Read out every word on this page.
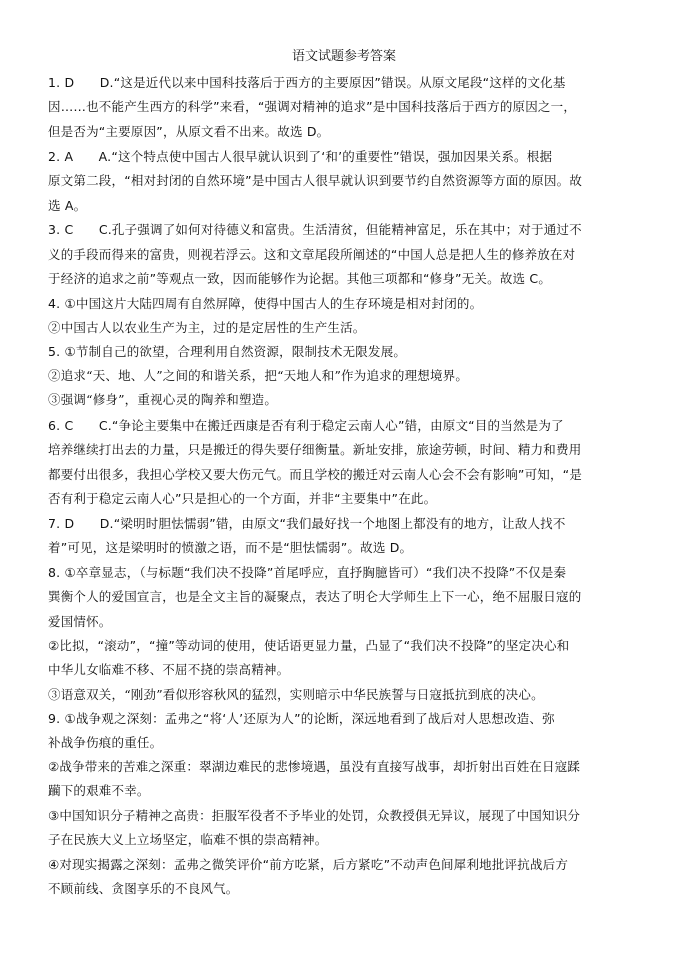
语文试题参考答案
1. D　　D.“这是近代以来中国科技落后于西方的主要原因”错误。从原文尾段“这样的文化基
因……也不能产生西方的科学”来看，“强调对精神的追求”是中国科技落后于西方的原因之一，
但是否为“主要原因”，从原文看不出来。故选 D。
2. A　　A.“这个特点使中国古人很早就认识到了‘和’的重要性”错误，强加因果关系。根据
原文第二段，“相对封闭的自然环境”是中国古人很早就认识到要节约自然资源等方面的原因。故
选 A。
3. C　　C.孔子强调了如何对待德义和富贵。生活清贫，但能精神富足，乐在其中；对于通过不
义的手段而得来的富贵，则视若浮云。这和文章尾段所阐述的“中国人总是把人生的修养放在对
于经济的追求之前”等观点一致，因而能够作为论据。其他三项都和“修身”无关。故选 C。
4. ①中国这片大陆四周有自然屏障，使得中国古人的生存环境是相对封闭的。
②中国古人以农业生产为主，过的是定居性的生产生活。
5. ①节制自己的欲望，合理利用自然资源，限制技术无限发展。
②追求“天、地、人”之间的和谐关系，把“天地人和”作为追求的理想境界。
③强调“修身”，重视心灵的陶养和塑造。
6. C　　C.“争论主要集中在搬迁西康是否有利于稳定云南人心”错，由原文“目的当然是为了
培养继续打出去的力量，只是搬迁的得失要仔细衡量。新址安排，旅途劳顿，时间、精力和费用
都要付出很多，我担心学校又要大伤元气。而且学校的搬迁对云南人心会不会有影响”可知，“是
否有利于稳定云南人心”只是担心的一个方面，并非“主要集中”在此。
7. D　　D.“梁明时胆怯懦弱”错，由原文“我们最好找一个地图上都没有的地方，让敌人找不
着”可见，这是梁明时的愤激之语，而不是“胆怯懦弱”。故选 D。
8. ①卒章显志，（与标题“我们决不投降”首尾呼应，直抒胸臆皆可）“我们决不投降”不仅是秦
巽衡个人的爱国宣言，也是全文主旨的凝聚点，表达了明仑大学师生上下一心，绝不屈服日寇的
爱国情怀。
②比拟，“滚动”，“撞”等动词的使用，使话语更显力量，凸显了“我们决不投降”的坚定决心和
中华儿女临难不移、不屈不挠的崇高精神。
③语意双关，“刚劲”看似形容秋风的猛烈，实则暗示中华民族誓与日寇抵抗到底的决心。
9. ①战争观之深刻：孟弗之“将‘人’还原为人”的论断，深远地看到了战后对人思想改造、弥
补战争伤痕的重任。
②战争带来的苦难之深重：翠湖边难民的悲惨境遇，虽没有直接写战事，却折射出百姓在日寇蹂
躏下的艰难不幸。
③中国知识分子精神之高贵：拒服军役者不予毕业的处罚，众教授俱无异议，展现了中国知识分
子在民族大义上立场坚定，临难不惧的崇高精神。
④对现实揭露之深刻：孟弗之微笑评价“前方吃紧，后方紧吃”不动声色间犀利地批评抗战后方
不顾前线、贪图享乐的不良风气。
